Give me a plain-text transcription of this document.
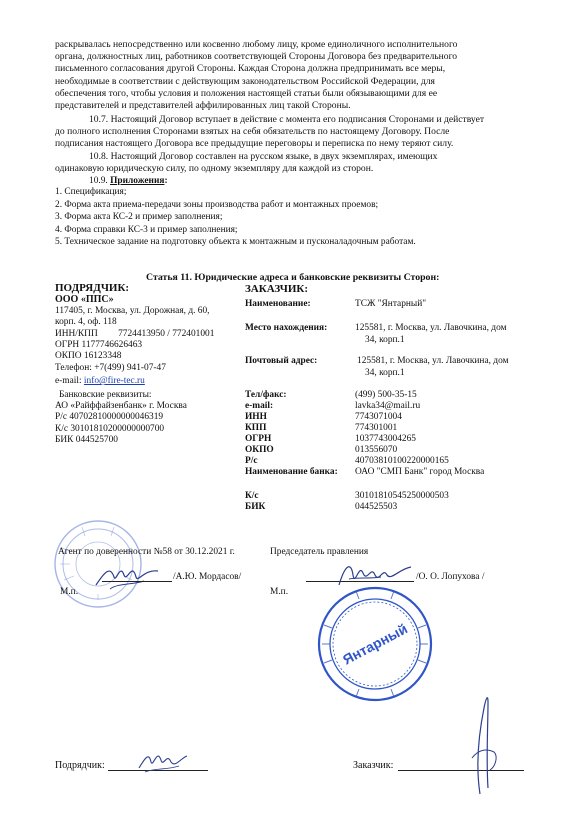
раскрывалась непосредственно или косвенно любому лицу, кроме единоличного исполнительного
органа, должностных лиц, работников соответствующей Стороны Договора без предварительного
письменного согласования другой Стороны. Каждая Сторона должна предпринимать все меры,
необходимые в соответствии с действующим законодательством Российской Федерации, для
обеспечения того, чтобы условия и положения настоящей статьи были обязывающими для ее
представителей и представителей аффилированных лиц такой Стороны.
10.7. Настоящий Договор вступает в действие с момента его подписания Сторонами и действует
до полного исполнения Сторонами взятых на себя обязательств по настоящему Договору. После
подписания настоящего Договора все предыдущие переговоры и переписка по нему теряют силу.
10.8. Настоящий Договор составлен на русском языке, в двух экземплярах, имеющих
одинаковую юридическую силу, по одному экземпляру для каждой из сторон.
10.9. Приложения:
1. Спецификация;
2. Форма акта приема-передачи зоны производства работ и монтажных проемов;
3. Форма акта КС-2 и пример заполнения;
4. Форма справки КС-3 и пример заполнения;
5. Техническое задание на подготовку объекта к монтажным и пусконаладочным работам.
Статья 11. Юридические адреса и банковские реквизиты Сторон:
ПОДРЯДЧИК:
ООО «ППС»
117405, г. Москва, ул. Дорожная, д. 60,
корп. 4, оф. 118
ИНН/КПП 7724413950 / 772401001
ОГРН 1177746626463
ОКПО 16123348
Телефон: +7(499) 941-07-47
e-mail: info@fire-tec.ru
Банковские реквизиты:
АО «Райффайзенбанк» г. Москва
Р/с 40702810000000046319
К/с 30101810200000000700
БИК 044525700
ЗАКАЗЧИК:
Наименование:	ТСЖ "Янтарный"
Место нахождения:	125581, г. Москва, ул. Лавочкина, дом
34, корп.1
Почтовый адрес:	125581, г. Москва, ул. Лавочкина, дом
34, корп.1
Тел/факс:	(499) 500-35-15
e-mail:	lavka34@mail.ru
ИНН	7743071004
КПП	774301001
ОГРН	1037743004265
ОКПО	013556070
Р/с	40703810100220000165
Наименование банка: ОАО "СМП Банк" город Москва
К/с	30101810545250000503
БИК	044525503
Агент по доверенности №58 от 30.12.2021 г.
/А.Ю. Мордасов/
М.п.
Председатель правления
/О. О. Лопухова /
М.п.
Янтарный
Подрядчик:	Заказчик:
